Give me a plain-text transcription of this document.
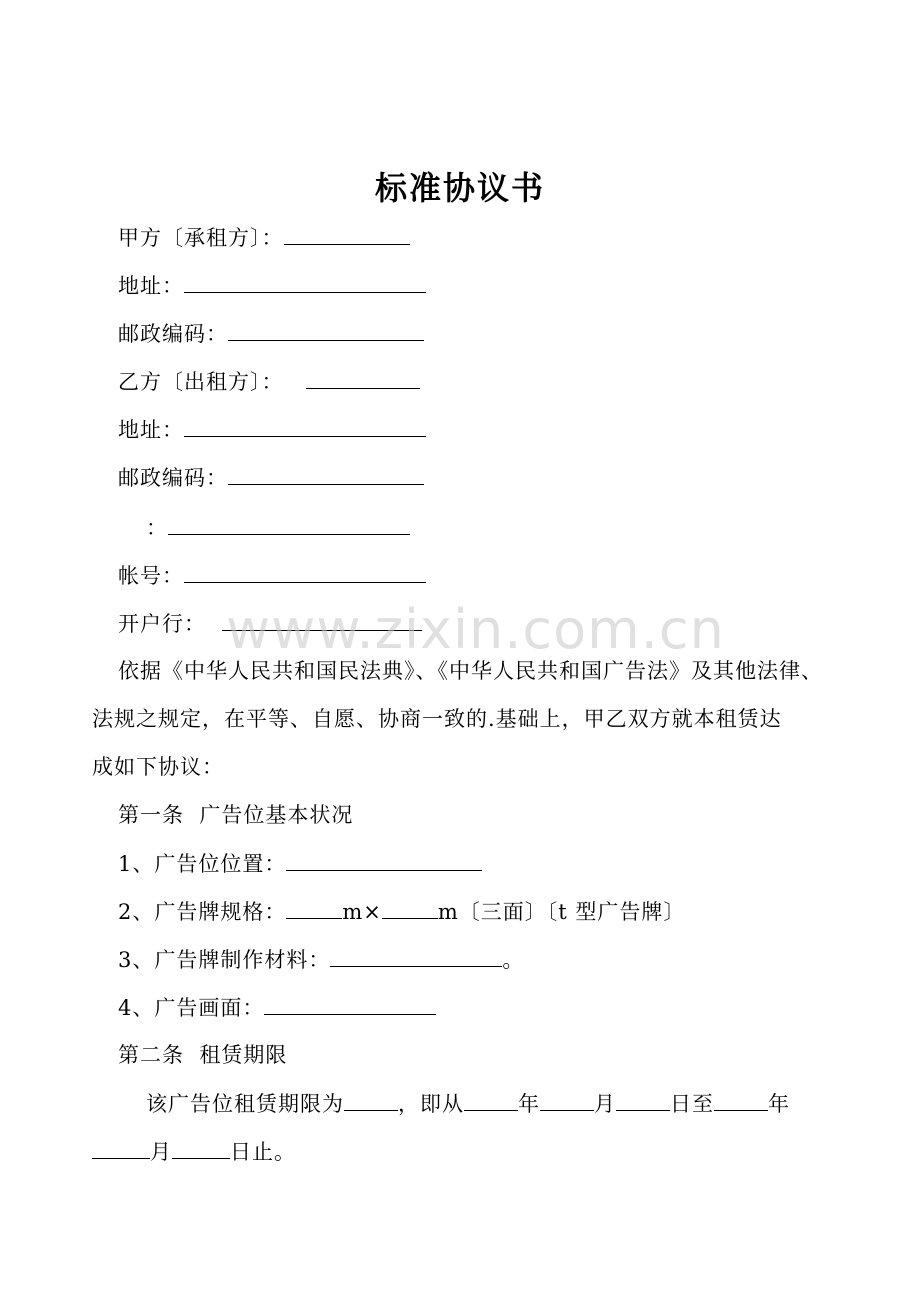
标准协议书
甲方〔承租方〕：
地址：
邮政编码：
乙方〔出租方〕：
地址：
邮政编码：
：
帐号：
开户行： www.zixin.com.cn
依据《中华人民共和国民法典》、《中华人民共和国广告法》及其他法律、
法规之规定，在平等、自愿、协商一致的.基础上，甲乙双方就本租赁达
成如下协议：
第一条  广告位基本状况
1、广告位位置：
2、广告牌规格：	m×	m〔三面〕〔t 型广告牌〕
3、广告牌制作材料：	。
4、广告画面：
第二条  租赁期限
该广告位租赁期限为	，即从	年	月	日至	年
月	日止。
